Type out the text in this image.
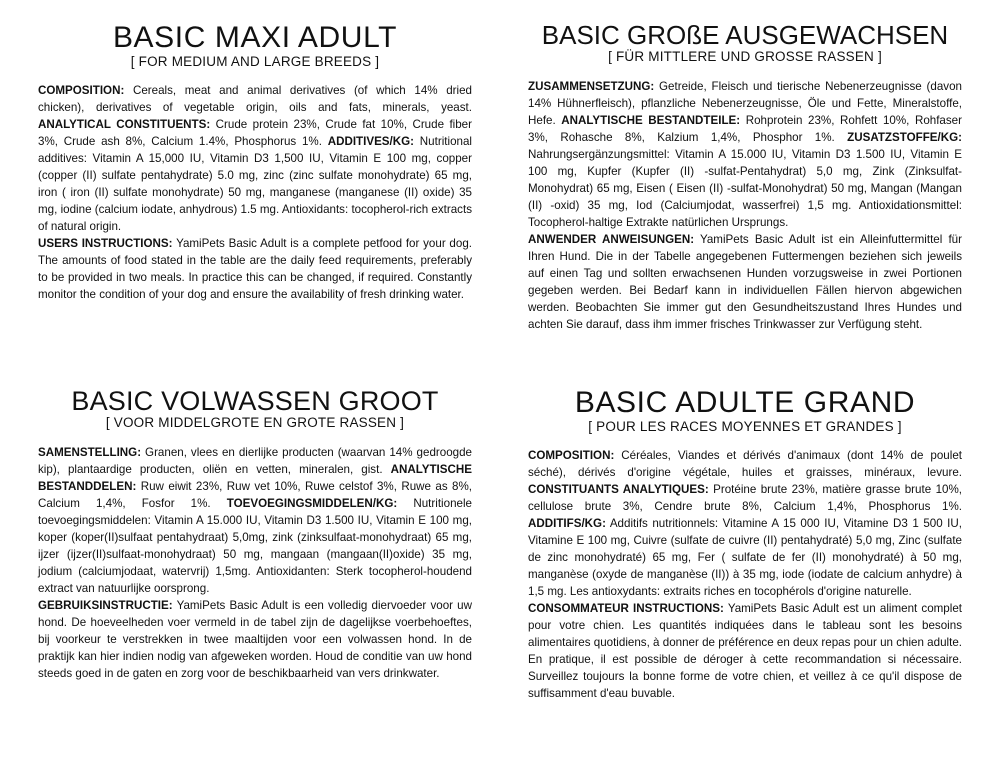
BASIC MAXI ADULT
[ FOR MEDIUM AND LARGE BREEDS ]

COMPOSITION: Cereals, meat and animal derivatives (of which 14% dried chicken), derivatives of vegetable origin, oils and fats, minerals, yeast. ANALYTICAL CONSTITUENTS: Crude protein 23%, Crude fat 10%, Crude fiber 3%, Crude ash 8%, Calcium 1.4%, Phosphorus 1%. ADDITIVES/KG: Nutritional additives: Vitamin A 15,000 IU, Vitamin D3 1,500 IU, Vitamin E 100 mg, copper (copper (II) sulfate pentahydrate) 5.0 mg, zinc (zinc sulfate monohydrate) 65 mg, iron ( iron (II) sulfate monohydrate) 50 mg, manganese (manganese (II) oxide) 35 mg, iodine (calcium iodate, anhydrous) 1.5 mg. Antioxidants: tocopherol-rich extracts of natural origin.

USERS INSTRUCTIONS: YamiPets Basic Adult is a complete petfood for your dog. The amounts of food stated in the table are the daily feed requirements, preferably to be provided in two meals. In practice this can be changed, if required. Constantly monitor the condition of your dog and ensure the availability of fresh drinking water.

BASIC GROßE AUSGEWACHSEN
[ FÜR MITTLERE UND GROSSE RASSEN ]

ZUSAMMENSETZUNG: Getreide, Fleisch und tierische Nebenerzeugnisse (davon 14% Hühnerfleisch), pflanzliche Nebenerzeugnisse, Öle und Fette, Mineralstoffe, Hefe. ANALYTISCHE BESTANDTEILE: Rohprotein 23%, Rohfett 10%, Rohfaser 3%, Rohasche 8%, Kalzium 1,4%, Phosphor 1%. ZUSATZSTOFFE/KG: Nahrungsergänzungsmittel: Vitamin A 15.000 IU, Vitamin D3 1.500 IU, Vitamin E 100 mg, Kupfer (Kupfer (II) -sulfat-Pentahydrat) 5,0 mg, Zink (Zinksulfat-Monohydrat) 65 mg, Eisen ( Eisen (II) -sulfat-Monohydrat) 50 mg, Mangan (Mangan (II) -oxid) 35 mg, Iod (Calciumjodat, wasserfrei) 1,5 mg. Antioxidationsmittel: Tocopherol-haltige Extrakte natürlichen Ursprungs.

ANWENDER ANWEISUNGEN: YamiPets Basic Adult ist ein Alleinfuttermittel für Ihren Hund. Die in der Tabelle angegebenen Futtermengen beziehen sich jeweils auf einen Tag und sollten erwachsenen Hunden vorzugsweise in zwei Portionen gegeben werden. Bei Bedarf kann in individuellen Fällen hiervon abgewichen werden. Beobachten Sie immer gut den Gesundheitszustand Ihres Hundes und achten Sie darauf, dass ihm immer frisches Trinkwasser zur Verfügung steht.

BASIC VOLWASSEN GROOT
[ VOOR MIDDELGROTE EN GROTE RASSEN ]

SAMENSTELLING: Granen, vlees en dierlijke producten (waarvan 14% gedroogde kip), plantaardige producten, oliën en vetten, mineralen, gist. ANALYTISCHE BESTANDDELEN: Ruw eiwit 23%, Ruw vet 10%, Ruwe celstof 3%, Ruwe as 8%, Calcium 1,4%, Fosfor 1%. TOEVOEGINGSMIDDELEN/KG: Nutritionele toevoegingsmiddelen: Vitamin A 15.000 IU, Vitamin D3 1.500 IU, Vitamin E 100 mg, koper (koper(II)sulfaat pentahydraat) 5,0mg, zink (zinksulfaat-monohydraat) 65 mg, ijzer (ijzer(II)sulfaat-monohydraat) 50 mg, mangaan (mangaan(II)oxide) 35 mg, jodium (calciumjodaat, watervrij) 1,5mg. Antioxidanten: Sterk tocopherol-houdend extract van natuurlijke oorsprong.

GEBRUIKSINSTRUCTIE: YamiPets Basic Adult is een volledig diervoeder voor uw hond. De hoeveelheden voer vermeld in de tabel zijn de dagelijkse voerbehoeftes, bij voorkeur te verstrekken in twee maaltijden voor een volwassen hond. In de praktijk kan hier indien nodig van afgeweken worden. Houd de conditie van uw hond steeds goed in de gaten en zorg voor de beschikbaarheid van vers drinkwater.

BASIC ADULTE GRAND
[ POUR LES RACES MOYENNES ET GRANDES ]

COMPOSITION: Céréales, Viandes et dérivés d'animaux (dont 14% de poulet séché), dérivés d'origine végétale, huiles et graisses, minéraux, levure. CONSTITUANTS ANALYTIQUES: Protéine brute 23%, matière grasse brute 10%, cellulose brute 3%, Cendre brute 8%, Calcium 1,4%, Phosphorus 1%. ADDITIFS/KG: Additifs nutritionnels: Vitamine A 15 000 IU, Vitamine D3 1 500 IU, Vitamine E 100 mg, Cuivre (sulfate de cuivre (II) pentahydraté) 5,0 mg, Zinc (sulfate de zinc monohydraté) 65 mg, Fer ( sulfate de fer (II) monohydraté) à 50 mg, manganèse (oxyde de manganèse (II)) à 35 mg, iode (iodate de calcium anhydre) à 1,5 mg. Les antioxydants: extraits riches en tocophérols d'origine naturelle.

CONSOMMATEUR INSTRUCTIONS: YamiPets Basic Adult est un aliment complet pour votre chien. Les quantités indiquées dans le tableau sont les besoins alimentaires quotidiens, à donner de préférence en deux repas pour un chien adulte. En pratique, il est possible de déroger à cette recommandation si nécessaire. Surveillez toujours la bonne forme de votre chien, et veillez à ce qu'il dispose de suffisamment d'eau buvable.
